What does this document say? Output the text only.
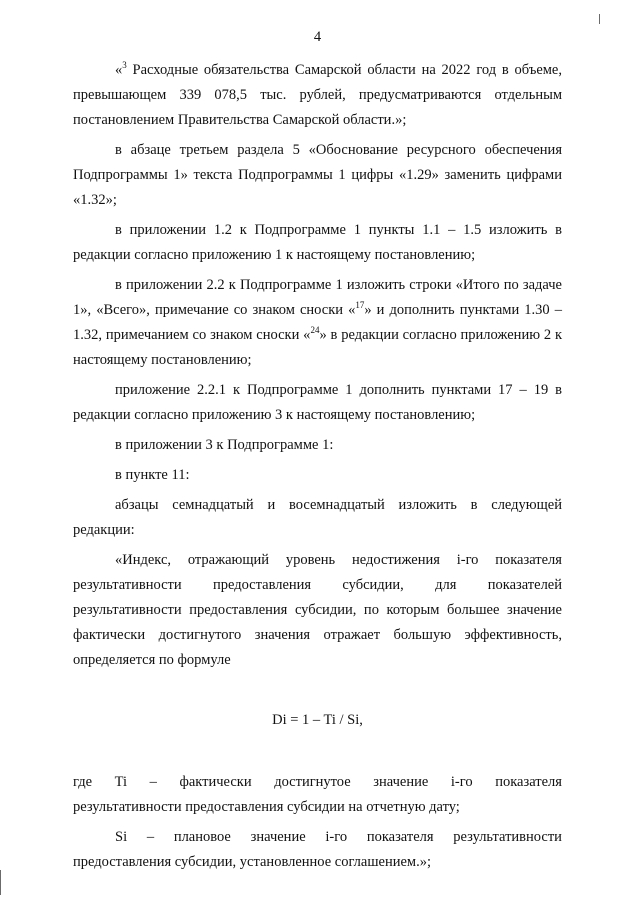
4

«$^3$ Расходные обязательства Самарской области на 2022 год в объеме, превышающем 339 078,5 тыс. рублей, предусматриваются отдельным постановлением Правительства Самарской области.»;

в абзаце третьем раздела 5 «Обоснование ресурсного обеспечения Подпрограммы 1» текста Подпрограммы 1 цифры «1.29» заменить цифрами «1.32»;

в приложении 1.2 к Подпрограмме 1 пункты 1.1 – 1.5 изложить в редакции согласно приложению 1 к настоящему постановлению;

в приложении 2.2 к Подпрограмме 1 изложить строки «Итого по задаче 1», «Всего», примечание со знаком сноски «$^{17}$» и дополнить пунктами 1.30 – 1.32, примечанием со знаком сноски «$^{24}$» в редакции согласно приложению 2 к настоящему постановлению;

приложение 2.2.1 к Подпрограмме 1 дополнить пунктами 17 – 19 в редакции согласно приложению 3 к настоящему постановлению;

в приложении 3 к Подпрограмме 1:

в пункте 11:

абзацы семнадцатый и восемнадцатый изложить в следующей редакции:

«Индекс, отражающий уровень недостижения i-го показателя

результативности предоставления субсидии, для показателей

результативности предоставления субсидии, по которым большее значение фактически достигнутого значения отражает большую эффективность, определяется по формуле

Di = 1 – Ti / Si,

где Ti – фактически достигнутое значение i-го показателя

результативности предоставления субсидии на отчетную дату;

Si – плановое значение i-го показателя результативности

предоставления субсидии, установленное соглашением.»;
